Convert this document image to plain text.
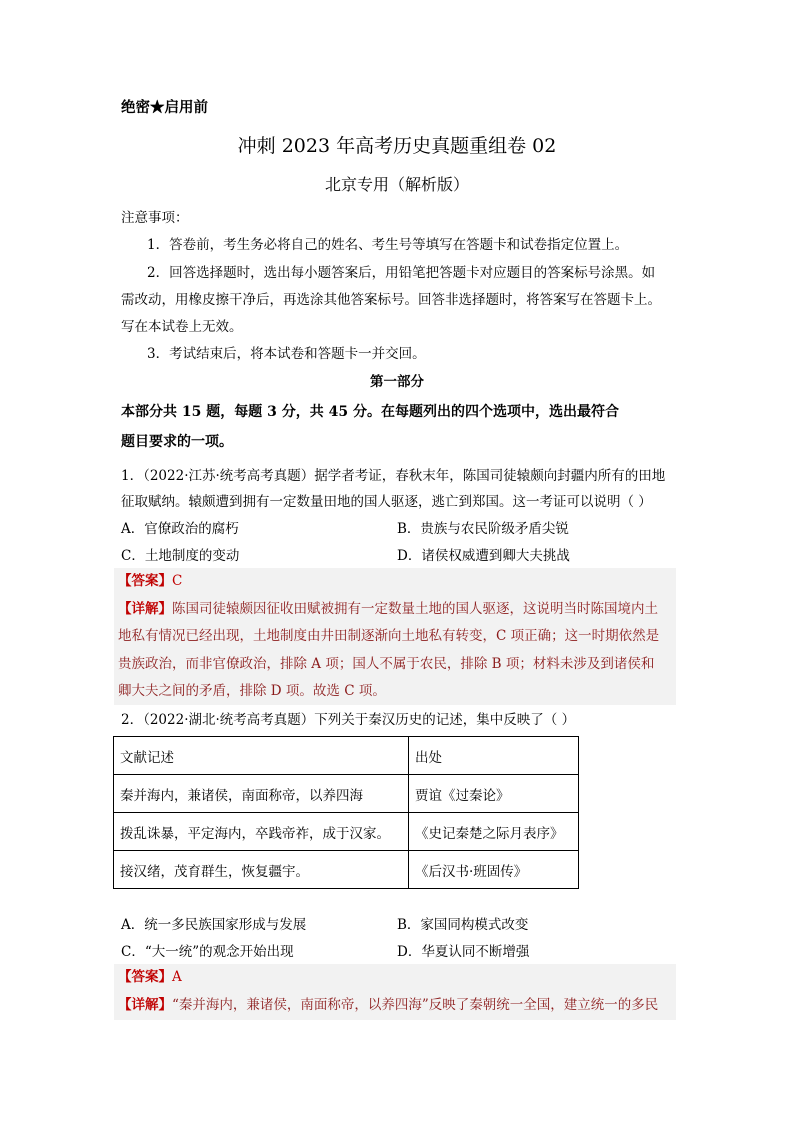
绝密★启用前
冲刺 2023 年高考历史真题重组卷 02
北京专用（解析版）
注意事项：
1．答卷前，考生务必将自己的姓名、考生号等填写在答题卡和试卷指定位置上。
2．回答选择题时，选出每小题答案后，用铅笔把答题卡对应题目的答案标号涂黑。如
需改动，用橡皮擦干净后，再选涂其他答案标号。回答非选择题时，将答案写在答题卡上。
写在本试卷上无效。
3．考试结束后，将本试卷和答题卡一并交回。
第一部分
本部分共 15 题，每题 3 分，共 45 分。在每题列出的四个选项中，选出最符合
题目要求的一项。
1．（2022·江苏·统考高考真题）据学者考证，春秋末年，陈国司徒辕颇向封疆内所有的田地
征取赋纳。辕颇遭到拥有一定数量田地的国人驱逐，逃亡到郑国。这一考证可以说明（ ）
A．官僚政治的腐朽	B．贵族与农民阶级矛盾尖锐
C．土地制度的变动	D．诸侯权威遭到卿大夫挑战
【答案】C
【详解】陈国司徒辕颇因征收田赋被拥有一定数量土地的国人驱逐，这说明当时陈国境内土
地私有情况已经出现，土地制度由井田制逐渐向土地私有转变，C 项正确；这一时期依然是
贵族政治，而非官僚政治，排除 A 项；国人不属于农民，排除 B 项；材料未涉及到诸侯和
卿大夫之间的矛盾，排除 D 项。故选 C 项。
2．（2022·湖北·统考高考真题）下列关于秦汉历史的记述，集中反映了（ ）
文献记述	出处
秦并海内，兼诸侯，南面称帝，以养四海	贾谊《过秦论》
拨乱诛暴，平定海内，卒践帝祚，成于汉家。	《史记秦楚之际月表序》
接汉绪，茂育群生，恢复疆宇。	《后汉书·班固传》
A．统一多民族国家形成与发展	B．家国同构模式改变
C．“大一统”的观念开始出现	D．华夏认同不断增强
【答案】A
【详解】“秦并海内，兼诸侯，南面称帝，以养四海”反映了秦朝统一全国，建立统一的多民
